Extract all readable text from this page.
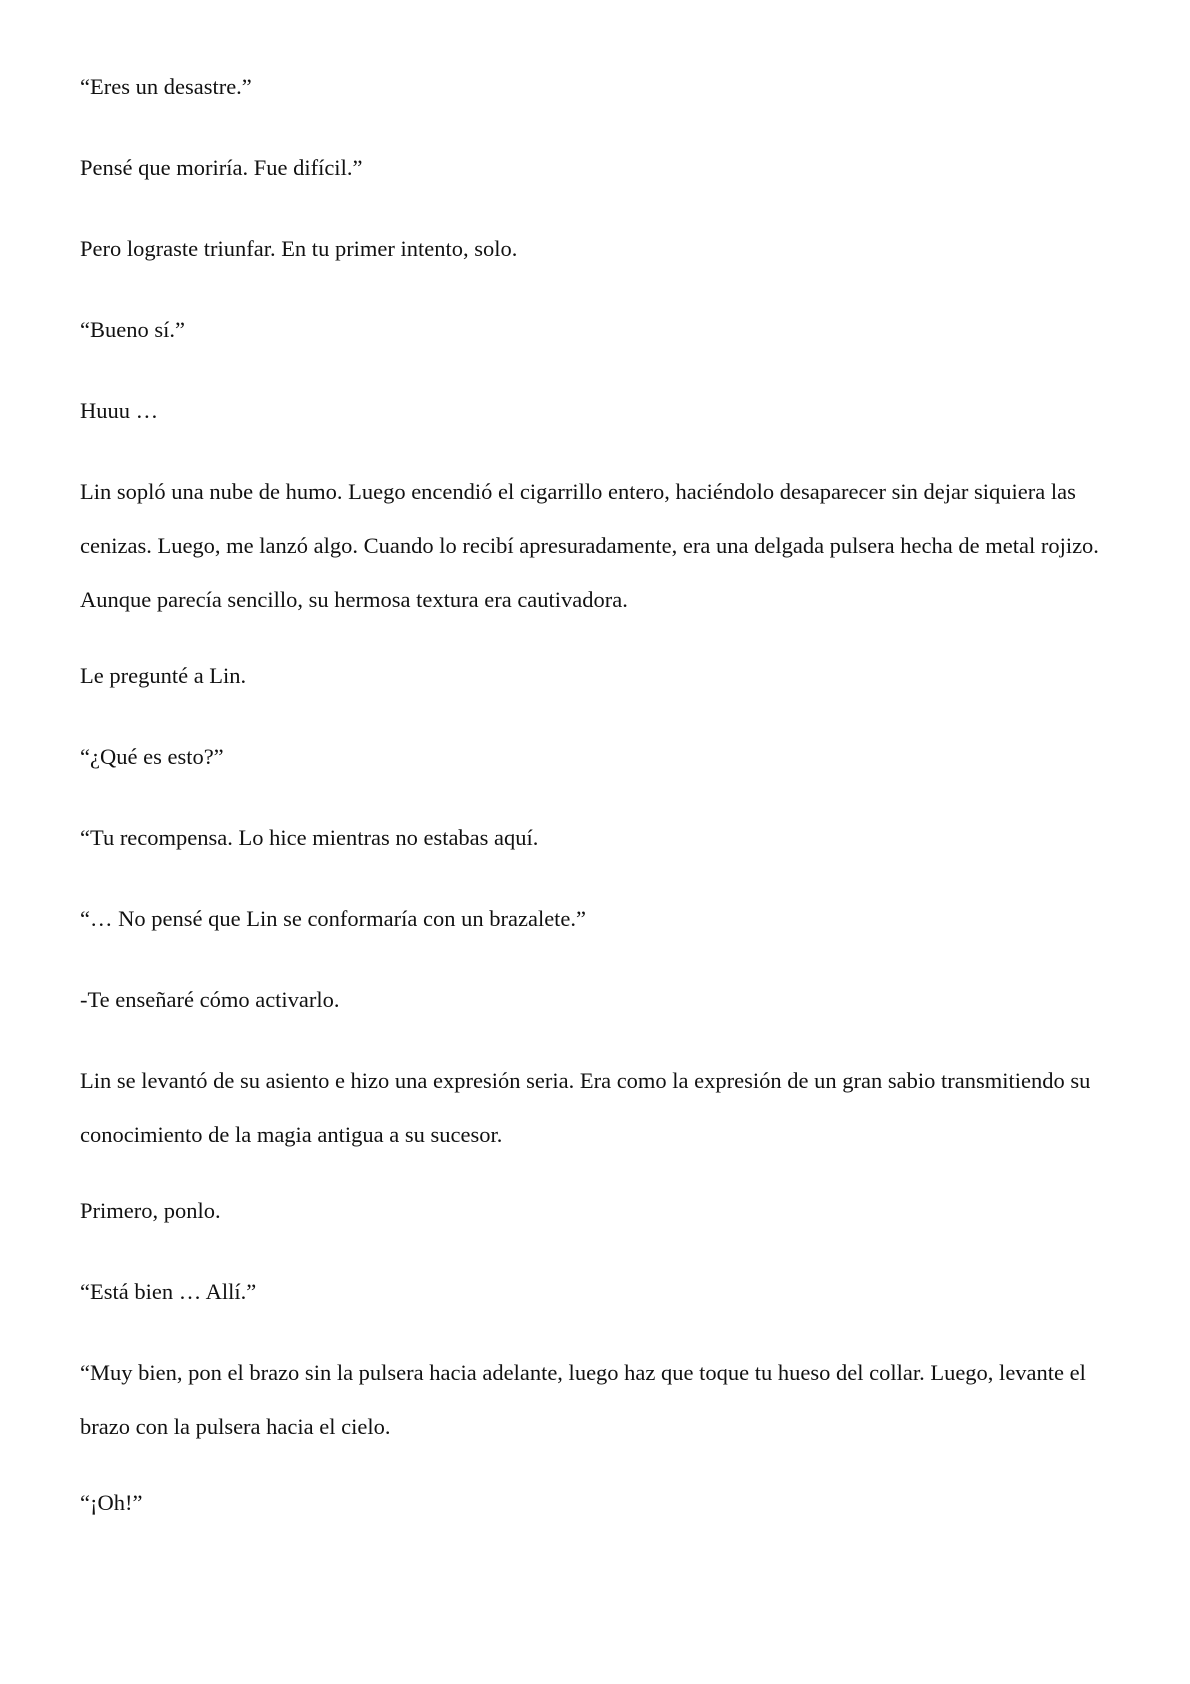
“Eres un desastre.”

Pensé que moriría. Fue difícil.”

Pero lograste triunfar. En tu primer intento, solo.

“Bueno sí.”

Huuu …

Lin sopló una nube de humo. Luego encendió el cigarrillo entero, haciéndolo desaparecer sin dejar siquiera las cenizas. Luego, me lanzó algo. Cuando lo recibí apresuradamente, era una delgada pulsera hecha de metal rojizo. Aunque parecía sencillo, su hermosa textura era cautivadora.

Le pregunté a Lin.

“¿Qué es esto?”

“Tu recompensa. Lo hice mientras no estabas aquí.

“… No pensé que Lin se conformaría con un brazalete.”

-Te enseñaré cómo activarlo.

Lin se levantó de su asiento e hizo una expresión seria. Era como la expresión de un gran sabio transmitiendo su conocimiento de la magia antigua a su sucesor.

Primero, ponlo.

“Está bien … Allí.”

“Muy bien, pon el brazo sin la pulsera hacia adelante, luego haz que toque tu hueso del collar. Luego, levante el brazo con la pulsera hacia el cielo.

“¡Oh!”
